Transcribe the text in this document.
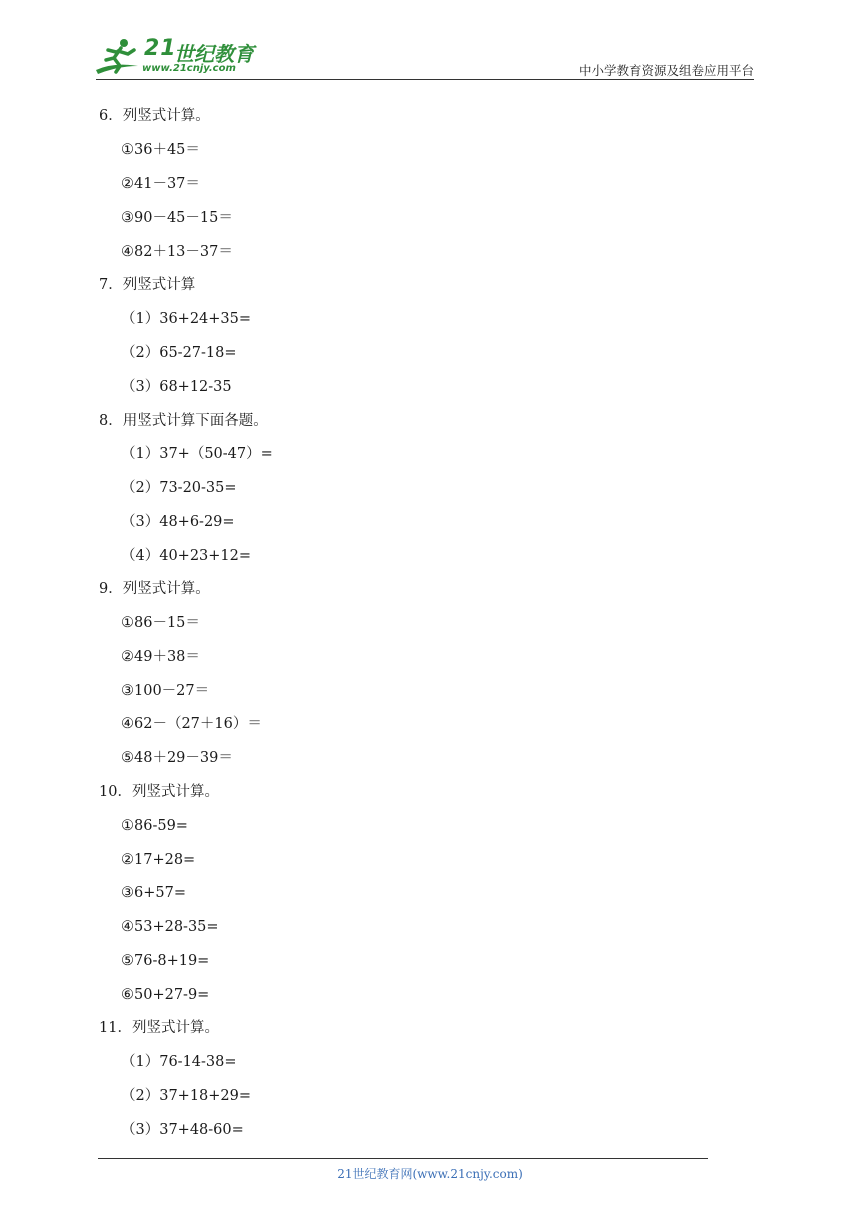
21
世纪教育
www.21cnjy.com	中小学教育资源及组卷应用平台
6．列竖式计算。
①36＋45＝
②41－37＝
③90－45－15＝
④82＋13－37＝
7．列竖式计算
（1）36+24+35=
（2）65-27-18=
（3）68+12-35
8．用竖式计算下面各题。
（1）37+（50-47）=
（2）73-20-35=
（3）48+6-29=
（4）40+23+12=
9．列竖式计算。
①86－15＝
②49＋38＝
③100－27＝
④62－（27＋16）＝
⑤48＋29－39＝
10．列竖式计算。
①86-59=
②17+28=
③6+57=
④53+28-35=
⑤76-8+19=
⑥50+27-9=
11．列竖式计算。
（1）76-14-38=
（2）37+18+29=
（3）37+48-60=
21世纪教育网(www.21cnjy.com)
